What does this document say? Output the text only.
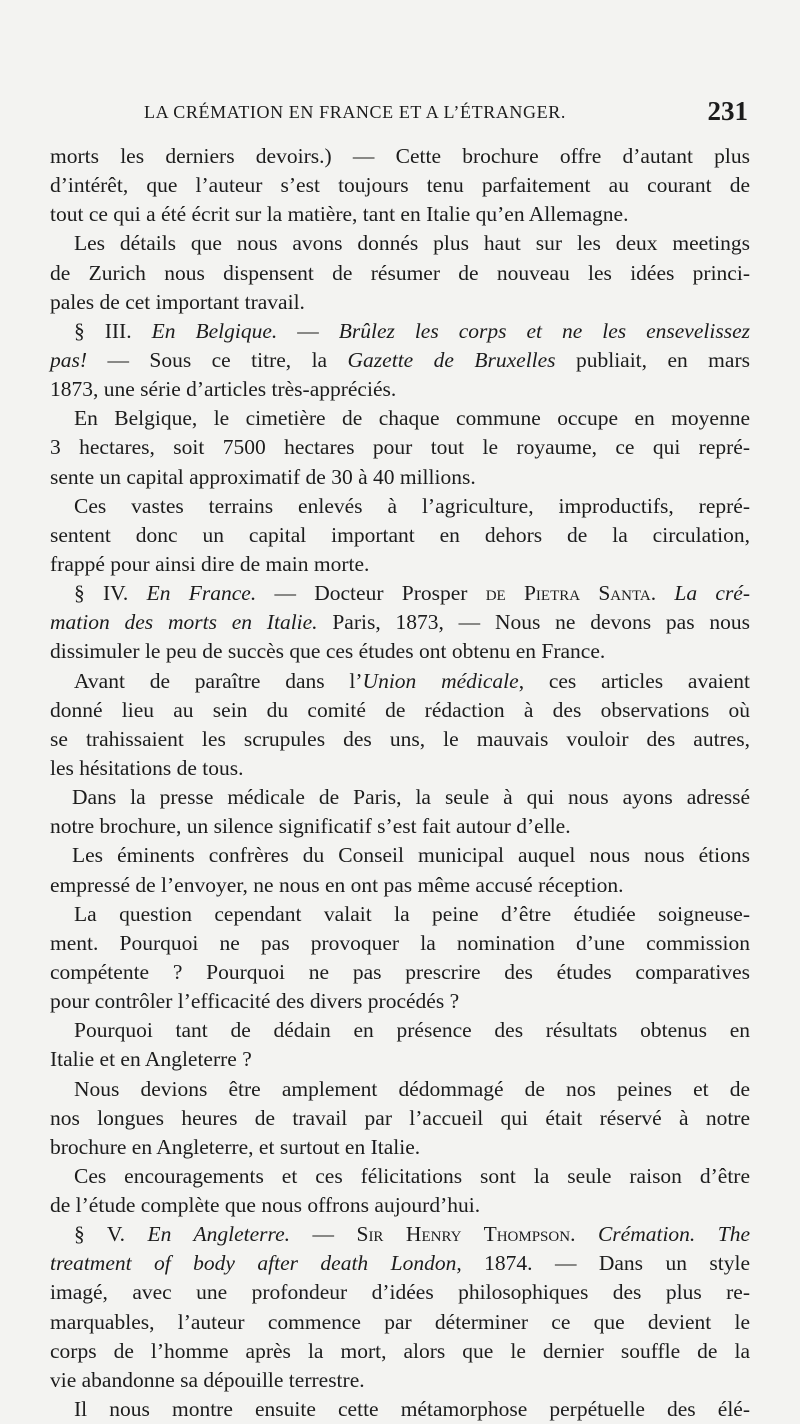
LA CRÉMATION EN FRANCE ET A L’ÉTRANGER.	231
morts les derniers devoirs.) — Cette brochure offre d’autant plus
d’intérêt, que l’auteur s’est toujours tenu parfaitement au courant de
tout ce qui a été écrit sur la matière, tant en Italie qu’en Allemagne.
Les détails que nous avons donnés plus haut sur les deux meetings
de Zurich nous dispensent de résumer de nouveau les idées princi-
pales de cet important travail.
§ III. En Belgique. — Brûlez les corps et ne les ensevelissez
pas! — Sous ce titre, la Gazette de Bruxelles publiait, en mars
1873, une série d’articles très-appréciés.
En Belgique, le cimetière de chaque commune occupe en moyenne
3 hectares, soit 7500 hectares pour tout le royaume, ce qui repré-
sente un capital approximatif de 30 à 40 millions.
Ces vastes terrains enlevés à l’agriculture, improductifs, repré-
sentent donc un capital important en dehors de la circulation,
frappé pour ainsi dire de main morte.
§ IV. En France. — Docteur Prosper de Pietra Santa. La cré-
mation des morts en Italie. Paris, 1873, — Nous ne devons pas nous
dissimuler le peu de succès que ces études ont obtenu en France.
Avant de paraître dans l’Union médicale, ces articles avaient
donné lieu au sein du comité de rédaction à des observations où
se trahissaient les scrupules des uns, le mauvais vouloir des autres,
les hésitations de tous.
Dans la presse médicale de Paris, la seule à qui nous ayons adressé
notre brochure, un silence significatif s’est fait autour d’elle.
Les éminents confrères du Conseil municipal auquel nous nous étions
empressé de l’envoyer, ne nous en ont pas même accusé réception.
La question cependant valait la peine d’être étudiée soigneuse-
ment. Pourquoi ne pas provoquer la nomination d’une commission
compétente ? Pourquoi ne pas prescrire des études comparatives
pour contrôler l’efficacité des divers procédés ?
Pourquoi tant de dédain en présence des résultats obtenus en
Italie et en Angleterre ?
Nous devions être amplement dédommagé de nos peines et de
nos longues heures de travail par l’accueil qui était réservé à notre
brochure en Angleterre, et surtout en Italie.
Ces encouragements et ces félicitations sont la seule raison d’être
de l’étude complète que nous offrons aujourd’hui.
§ V. En Angleterre. — Sir Henry Thompson. Crémation. The
treatment of body after death London, 1874. — Dans un style
imagé, avec une profondeur d’idées philosophiques des plus re-
marquables, l’auteur commence par déterminer ce que devient le
corps de l’homme après la mort, alors que le dernier souffle de la
vie abandonne sa dépouille terrestre.
Il nous montre ensuite cette métamorphose perpétuelle des élé-
